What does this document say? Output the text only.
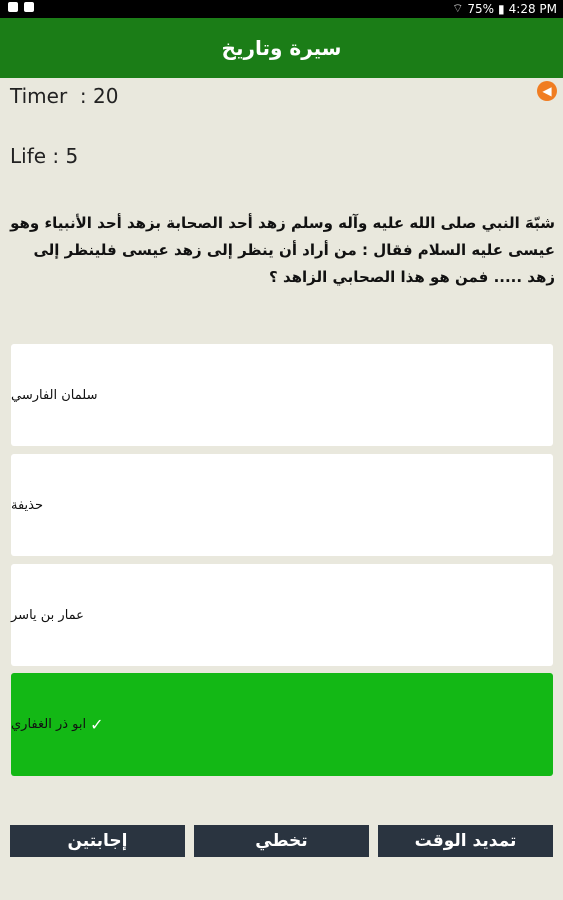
⌔ 75% ▮ 4:28 PM
سيرة وتاريخ
◀
Timer  : 20
Life : 5
شبّهَ النبي صلى الله عليه وآله وسلم زهد أحد الصحابة بزهد أحد الأنبياء وهو عيسى عليه السلام فقال : من أراد أن ينظر إلى زهد عيسى فلينظر إلى زهد ..... فمن هو هذا الصحابي الزاهد ؟
سلمان الفارسي
حذيفة
عمار بن ياسر
✓
ابو ذر الغفاري
إجابتين	تخطي	تمديد الوقت
